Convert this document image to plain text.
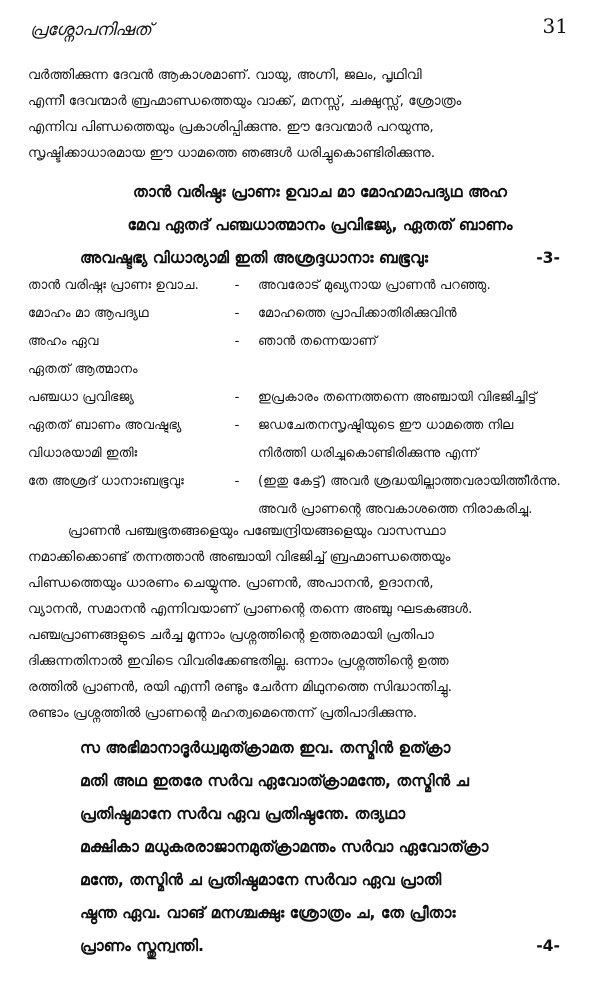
പ്രശ്നോപനിഷത്	31
വർത്തിക്കുന്ന ദേവൻ ആകാശമാണ്. വായു, അഗ്നി, ജലം, പൃഥിവി
എന്നീ ദേവന്മാർ ബ്രഹ്മാണ്ഡത്തെയും വാക്ക്, മനസ്സ്, ചക്ഷുസ്സ്, ശ്രോത്രം
എന്നിവ പിണ്ഡത്തെയും പ്രകാശിപ്പിക്കുന്നു. ഈ ദേവന്മാർ പറയുന്നു,
സൃഷ്ടിക്കാധാരമായ ഈ ധാമത്തെ ഞങ്ങൾ ധരിച്ചുകൊണ്ടിരിക്കുന്നു.
താൻ വരിഷ്ഠഃ പ്രാണഃ ഉവാച മാ മോഹമാപദ്യഥ അഹ
മേവ ഏതദ് പഞ്ചധാത്മാനം പ്രവിഭജ്യ, ഏതത് ബാണം
അവഷ്ടഭ്യ വിധാര്യാമി ഇതി അശ്രദ്ദധാനാഃ ബഭൂവുഃ	-3-
താൻ വരിഷ്ഠഃ പ്രാണഃ ഉവാച.	-	അവരോട് മുഖ്യനായ പ്രാണൻ പറഞ്ഞു.
മോഹം മാ ആപദ്യഥ	-	മോഹത്തെ പ്രാപിക്കാതിരിക്കുവിൻ
അഹം ഏവ	-	ഞാൻ തന്നെയാണ്
ഏതത് ആത്മാനം
പഞ്ചധാ പ്രവിഭജ്യ	-	ഇപ്രകാരം തന്നെത്തന്നെ അഞ്ചായി വിഭജിച്ചിട്ട്
ഏതത് ബാണം അവഷ്ടഭ്യ	-	ജഡചേതനസൃഷ്ടിയുടെ ഈ ധാമത്തെ നില
വിധാരയാമി ഇതിഃ	നിർത്തി ധരിച്ചുകൊണ്ടിരിക്കുന്നു എന്ന്
തേ അശ്രദ് ധാനാഃബഭൂവുഃ	-	(ഇതു കേട്ട്) അവർ ശ്രദ്ധയില്ലാത്തവരായിത്തീർന്നു.
അവർ പ്രാണന്റെ അവകാശത്തെ നിരാകരിച്ചു.
പ്രാണൻ പഞ്ചഭൂതങ്ങളെയും പഞ്ചേന്ദ്രിയങ്ങളെയും വാസസ്ഥാ
നമാക്കിക്കൊണ്ട് തന്നത്താൻ അഞ്ചായി വിഭജിച്ച് ബ്രഹ്മാണ്ഡത്തെയും
പിണ്ഡത്തെയും ധാരണം ചെയ്യുന്നു. പ്രാണൻ, അപാനൻ, ഉദാനൻ,
വ്യാനൻ, സമാനൻ എന്നിവയാണ് പ്രാണന്റെ തന്നെ അഞ്ചു ഘടകങ്ങൾ.
പഞ്ചപ്രാണങ്ങളുടെ ചർച്ച മൂന്നാം പ്രശ്നത്തിന്റെ ഉത്തരമായി പ്രതിപാ
ദിക്കുന്നതിനാൽ ഇവിടെ വിവരിക്കേണ്ടതില്ല. ഒന്നാം പ്രശ്നത്തിന്റെ ഉത്ത
രത്തിൽ പ്രാണൻ, രയി എന്നീ രണ്ടും ചേർന്ന മിഥുനത്തെ സിദ്ധാന്തിച്ചു.
രണ്ടാം പ്രശ്നത്തിൽ പ്രാണന്റെ മഹത്വമെന്തെന്ന് പ്രതിപാദിക്കുന്നു.
സ അഭിമാനാദൂർധ്വമുത്ക്രാമത ഇവ. തസ്മിൻ ഉത്ക്രാ
മതി അഥ ഇതരേ സർവ ഏവോത്ക്രാമന്തേ, തസ്മിൻ ച
പ്രതിഷ്ഠമാനേ സർവ ഏവ പ്രതിഷ്ഠന്തേ. തദ്യഥാ
മക്ഷികാ മധുകരരാജാനമുത്ക്രാമന്തം സർവാ ഏവോത്ക്രാ
മന്തേ, തസ്മിൻ ച പ്രതിഷ്ഠമാനേ സർവാ ഏവ പ്രാതി
ഷ്ഠന്ത ഏവ. വാങ് മനശ്ചക്ഷുഃ ശ്രോത്രം ച, തേ പ്രീതാഃ
പ്രാണം സ്തുന്വന്തി.	-4-
